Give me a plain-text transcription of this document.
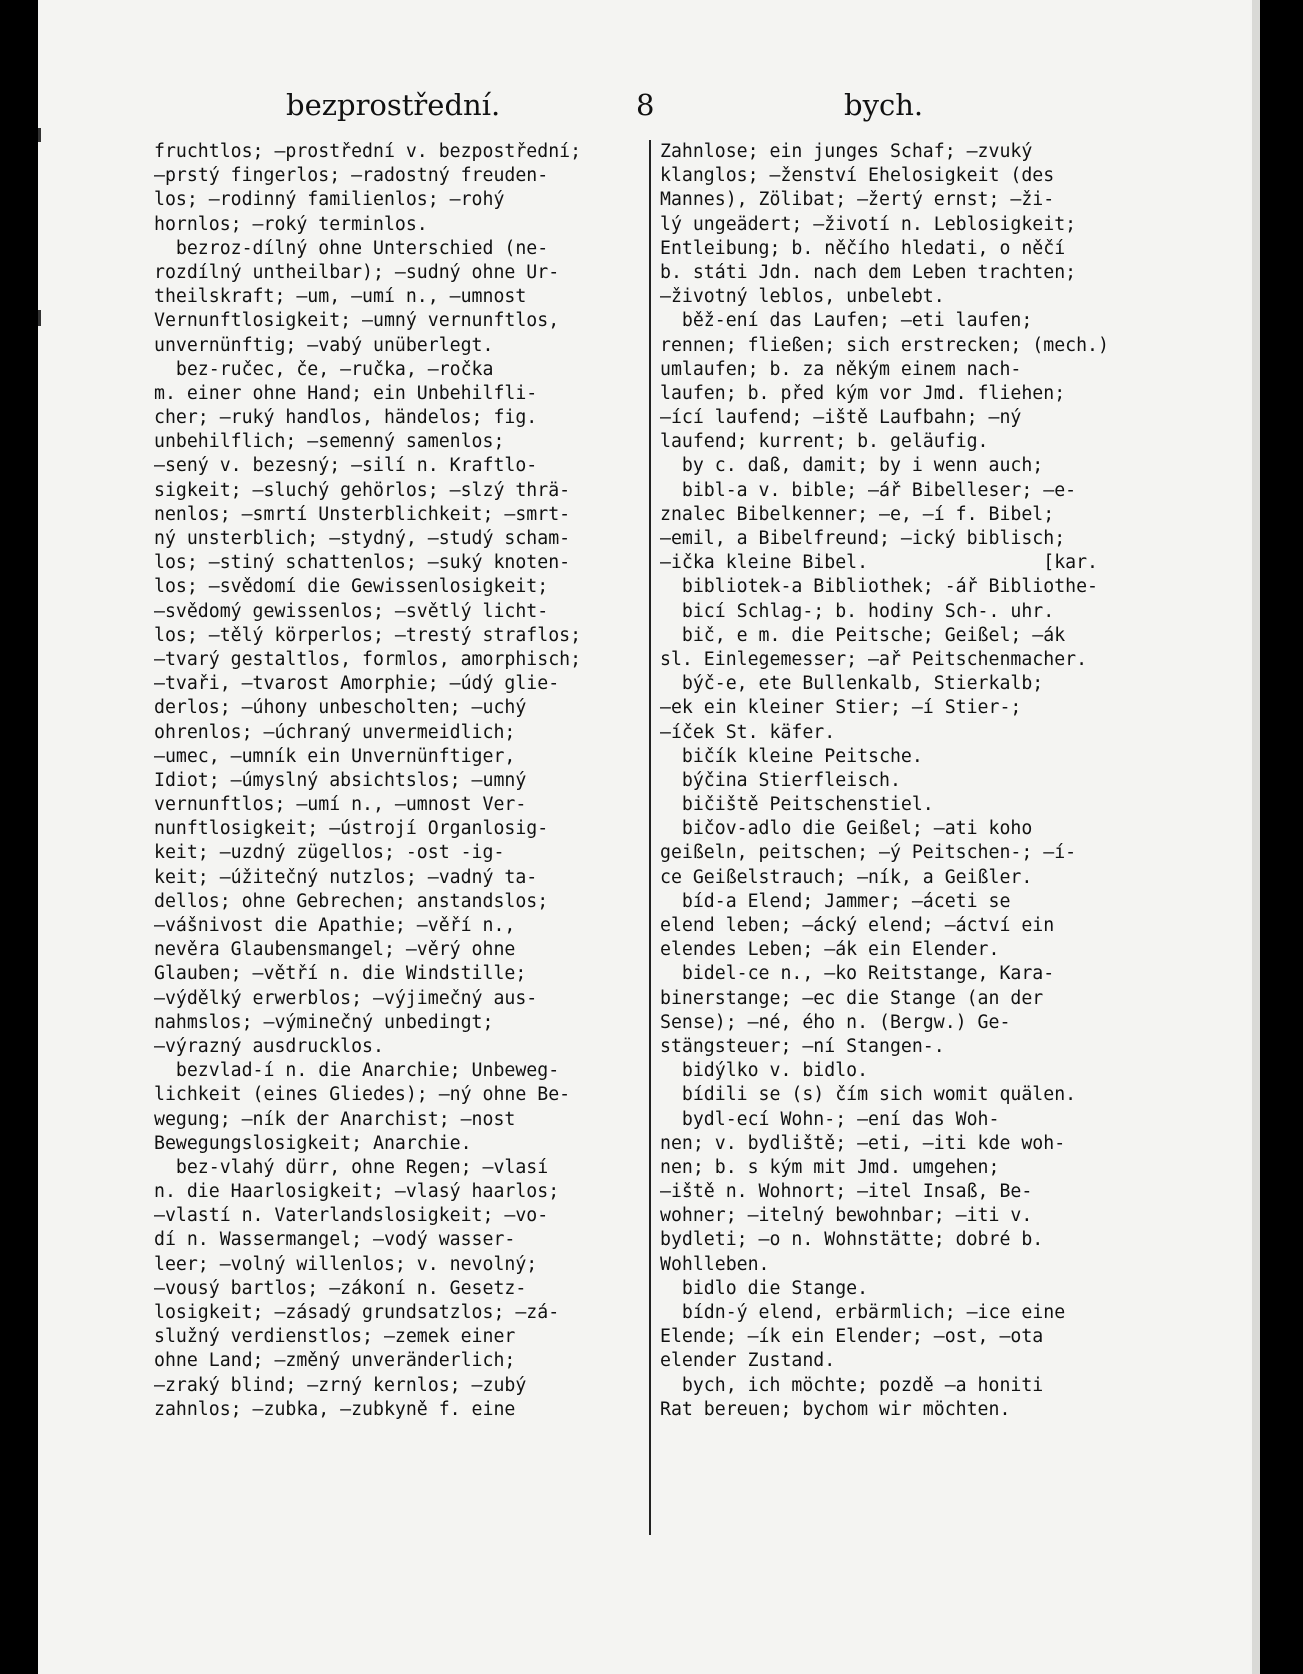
bezprostřední.	8	bych.
fruchtlos; —prostřední v. bezpostřední;
—prstý fingerlos; —radostný freuden-
los; —rodinný familienlos; —rohý
hornlos; —roký terminlos.
bezroz-dílný ohne Unterschied (ne-
rozdílný untheilbar); —sudný ohne Ur-
theilskraft; —um, —umí n., —umnost
Vernunftlosigkeit; —umný vernunftlos,
unvernünftig; —vabý unüberlegt.
bez-ručec, če, —ručka, —ročka
m. einer ohne Hand; ein Unbehilfli-
cher; —ruký handlos, händelos; fig.
unbehilflich; —semenný samenlos;
—sený v. bezesný; —silí n. Kraftlo-
sigkeit; —sluchý gehörlos; —slzý thrä-
nenlos; —smrtí Unsterblichkeit; —smrt-
ný unsterblich; —stydný, —studý scham-
los; —stiný schattenlos; —suký knoten-
los; —svědomí die Gewissenlosigkeit;
—svědomý gewissenlos; —světlý licht-
los; —tělý körperlos; —trestý straflos;
—tvarý gestaltlos, formlos, amorphisch;
—tvaři, —tvarost Amorphie; —údý glie-
derlos; —úhony unbescholten; —uchý
ohrenlos; —úchraný unvermeidlich;
—umec, —umník ein Unvernünftiger,
Idiot; —úmyslný absichtslos; —umný
vernunftlos; —umí n., —umnost Ver-
nunftlosigkeit; —ústrojí Organlosig-
keit; —uzdný zügellos; -ost -ig-
keit; —úžitečný nutzlos; —vadný ta-
dellos; ohne Gebrechen; anstandslos;
—vášnivost die Apathie; —věří n.,
nevěra Glaubensmangel; —věrý ohne
Glauben; —větří n. die Windstille;
—výdělký erwerblos; —výjimečný aus-
nahmslos; —výminečný unbedingt;
—výrazný ausdrucklos.
bezvlad-í n. die Anarchie; Unbeweg-
lichkeit (eines Gliedes); —ný ohne Be-
wegung; —ník der Anarchist; —nost
Bewegungslosigkeit; Anarchie.
bez-vlahý dürr, ohne Regen; —vlasí
n. die Haarlosigkeit; —vlasý haarlos;
—vlastí n. Vaterlandslosigkeit; —vo-
dí n. Wassermangel; —vodý wasser-
leer; —volný willenlos; v. nevolný;
—vousý bartlos; —zákoní n. Gesetz-
losigkeit; —zásadý grundsatzlos; —zá-
služný verdienstlos; —zemek einer
ohne Land; —změný unveränderlich;
—zraký blind; —zrný kernlos; —zubý
zahnlos; —zubka, —zubkyně f. eine
Zahnlose; ein junges Schaf; —zvuký
klanglos; —ženství Ehelosigkeit (des
Mannes), Zölibat; —žertý ernst; —ži-
lý ungeädert; —životí n. Leblosigkeit;
Entleibung; b. něčího hledati, o něčí
b. státi Jdn. nach dem Leben trachten;
—životný leblos, unbelebt.
běž-ení das Laufen; —eti laufen;
rennen; fließen; sich erstrecken; (mech.)
umlaufen; b. za někým einem nach-
laufen; b. před kým vor Jmd. fliehen;
—ící laufend; —iště Laufbahn; —ný
laufend; kurrent; b. geläufig.
by c. daß, damit; by i wenn auch;
bibl-a v. bible; —ář Bibelleser; —e-
znalec Bibelkenner; —e, —í f. Bibel;
—emil, a Bibelfreund; —ický biblisch;
—ička kleine Bibel.                [kar.
bibliotek-a Bibliothek; -ář Bibliothe-
bicí Schlag-; b. hodiny Sch-. uhr.
bič, e m. die Peitsche; Geißel; —ák
sl. Einlegemesser; —ař Peitschenmacher.
býč-e, ete Bullenkalb, Stierkalb;
—ek ein kleiner Stier; —í Stier-;
—íček St. käfer.
bičík kleine Peitsche.
býčina Stierfleisch.
bičiště Peitschenstiel.
bičov-adlo die Geißel; —ati koho
geißeln, peitschen; —ý Peitschen-; —í-
ce Geißelstrauch; —ník, a Geißler.
bíd-a Elend; Jammer; —áceti se
elend leben; —ácký elend; —áctví ein
elendes Leben; —ák ein Elender.
bidel-ce n., —ko Reitstange, Kara-
binerstange; —ec die Stange (an der
Sense); —né, ého n. (Bergw.) Ge-
stängsteuer; —ní Stangen-.
bidýlko v. bidlo.
bídili se (s) čím sich womit quälen.
bydl-ecí Wohn-; —ení das Woh-
nen; v. bydliště; —eti, —iti kde woh-
nen; b. s kým mit Jmd. umgehen;
—iště n. Wohnort; —itel Insaß, Be-
wohner; —itelný bewohnbar; —iti v.
bydleti; —o n. Wohnstätte; dobré b.
Wohlleben.
bidlo die Stange.
bídn-ý elend, erbärmlich; —ice eine
Elende; —ík ein Elender; —ost, —ota
elender Zustand.
bych, ich möchte; pozdě —a honiti
Rat bereuen; bychom wir möchten.
